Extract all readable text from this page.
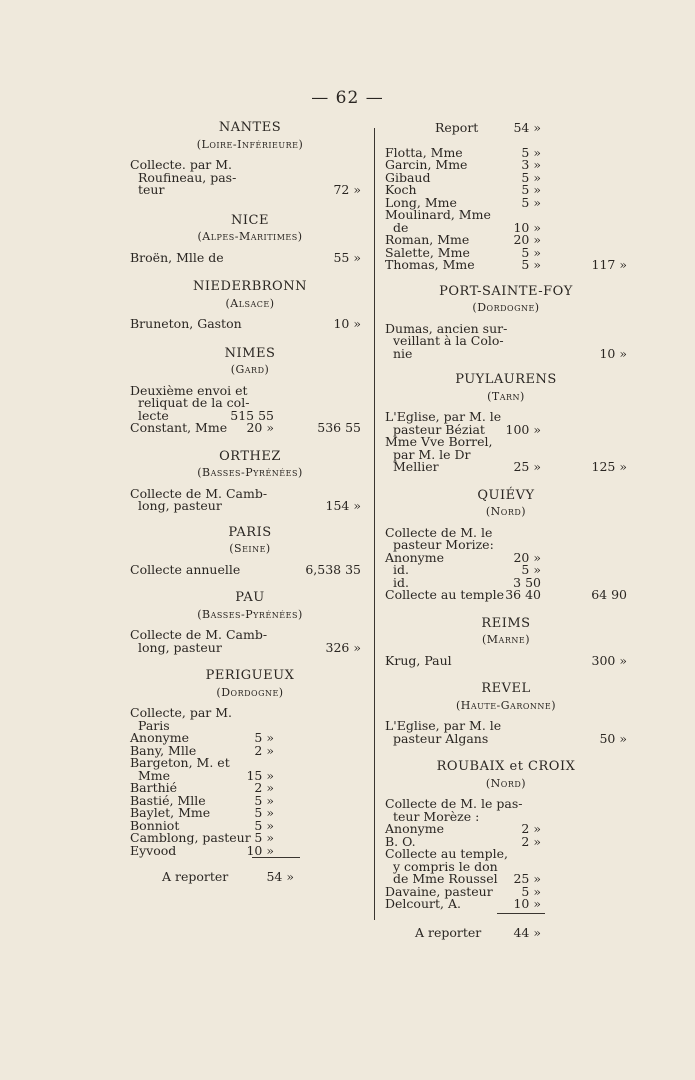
— 62 —
NANTES
(Loire-Inférieure)
Collecte. par M.
Roufineau, pas-
teur	72 »
NICE
(Alpes-Maritimes)
Broën, Mlle de	55 »
NIEDERBRONN
(Alsace)
Bruneton, Gaston	10 »
NIMES
(Gard)
Deuxième envoi et
reliquat de la col-
lecte	515 55
Constant, Mme 20 »	536 55
ORTHEZ
(Basses-Pyrénées)
Collecte de M. Camb-
long, pasteur	154 »
PARIS
(Seine)
Collecte annuelle	6,538 35
PAU
(Basses-Pyrénées)
Collecte de M. Camb-
long, pasteur	326 »
PERIGUEUX
(Dordogne)
Collecte, par M.
Paris
Anonyme	5 »
Bany, Mlle	2 »
Bargeton, M. et
Mme	15 »
Barthié	2 »
Bastié, Mlle	5 »
Baylet, Mme	5 »
Bonniot	5 »
Camblong, pasteur 5 »
Eyvood	10 »
A reporter	54 »
Report	54 »
Flotta, Mme	5 »
Garcin, Mme	3 »
Gibaud	5 »
Koch	5 »
Long, Mme	5 »
Moulinard, Mme
de	10 »
Roman, Mme	20 »
Salette, Mme	5 »
Thomas, Mme	5 »	117 »
PORT-SAINTE-FOY
(Dordogne)
Dumas, ancien sur-
veillant à la Colo-
nie	10 »
PUYLAURENS
(Tarn)
L'Eglise, par M. le
pasteur Béziat 100 »
Mme Vve Borrel,
par M. le Dr
Mellier	25 »	125 »
QUIÉVY
(Nord)
Collecte de M. le
pasteur Morize:
Anonyme	20 »
id.	5 »
id.	3 50
Collecte au temple 36 40	64 90
REIMS
(Marne)
Krug, Paul	300 »
REVEL
(Haute-Garonne)
L'Eglise, par M. le
pasteur Algans	50 »
ROUBAIX et CROIX
(Nord)
Collecte de M. le pas-
teur Morèze :
Anonyme	2 »
B. O.	2 »
Collecte au temple,
y compris le don
de Mme Roussel 25 »
Davaine, pasteur 5 »
Delcourt, A.	10 »
A reporter	44 »
